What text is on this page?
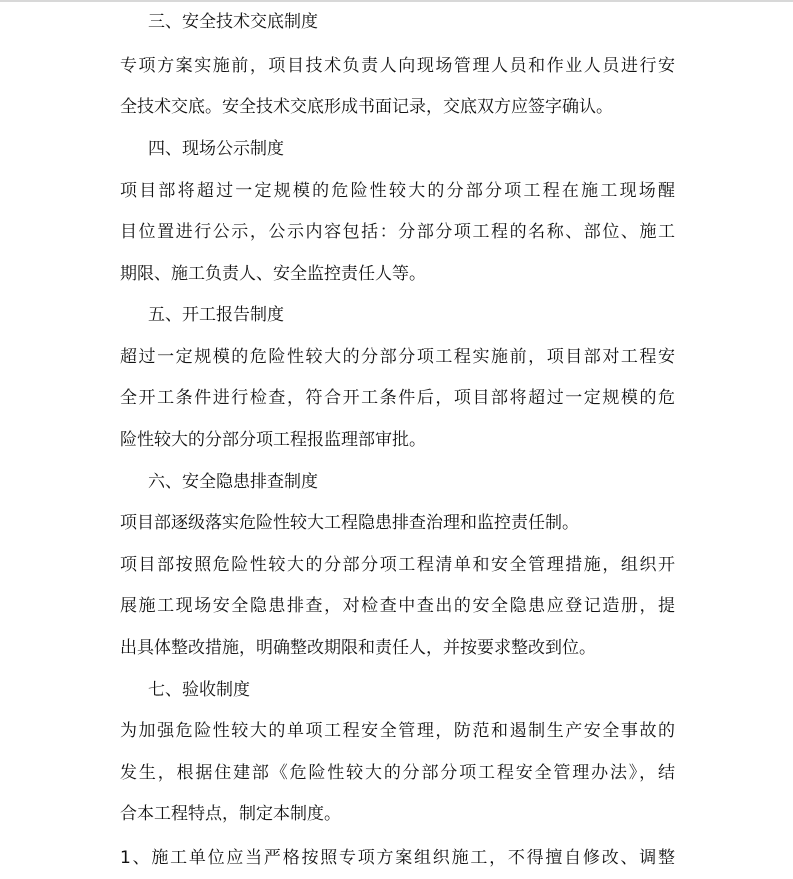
三、安全技术交底制度
专项方案实施前，项目技术负责人向现场管理人员和作业人员进行安
全技术交底。安全技术交底形成书面记录，交底双方应签字确认。
四、现场公示制度
项目部将超过一定规模的危险性较大的分部分项工程在施工现场醒
目位置进行公示，公示内容包括：分部分项工程的名称、部位、施工
期限、施工负责人、安全监控责任人等。
五、开工报告制度
超过一定规模的危险性较大的分部分项工程实施前，项目部对工程安
全开工条件进行检查，符合开工条件后，项目部将超过一定规模的危
险性较大的分部分项工程报监理部审批。
六、安全隐患排查制度
项目部逐级落实危险性较大工程隐患排查治理和监控责任制。
项目部按照危险性较大的分部分项工程清单和安全管理措施，组织开
展施工现场安全隐患排查，对检查中查出的安全隐患应登记造册，提
出具体整改措施，明确整改期限和责任人，并按要求整改到位。
七、验收制度
为加强危险性较大的单项工程安全管理，防范和遏制生产安全事故的
发生，根据住建部《危险性较大的分部分项工程安全管理办法》，结
合本工程特点，制定本制度。
1、施工单位应当严格按照专项方案组织施工，不得擅自修改、调整
